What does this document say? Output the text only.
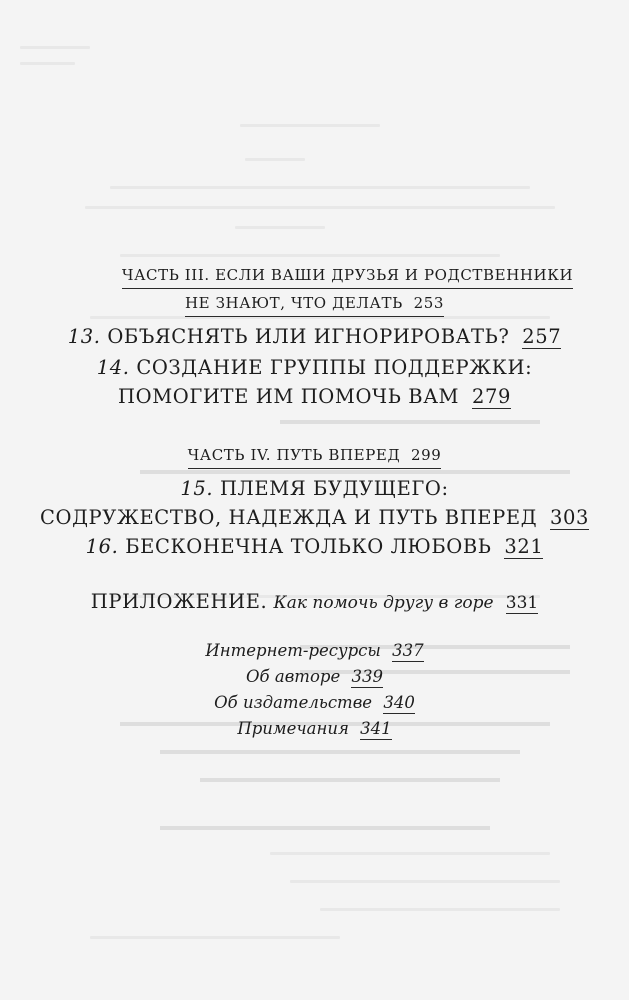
ЧАСТЬ III. ЕСЛИ ВАШИ ДРУЗЬЯ И РОДСТВЕННИКИ
НЕ ЗНАЮТ, ЧТО ДЕЛАТЬ 253
13. ОБЪЯСНЯТЬ ИЛИ ИГНОРИРОВАТЬ? 257
14. СОЗДАНИЕ ГРУППЫ ПОДДЕРЖКИ:
ПОМОГИТЕ ИМ ПОМОЧЬ ВАМ 279
ЧАСТЬ IV. ПУТЬ ВПЕРЕД 299
15. ПЛЕМЯ БУДУЩЕГО:
СОДРУЖЕСТВО, НАДЕЖДА И ПУТЬ ВПЕРЕД 303
16. БЕСКОНЕЧНА ТОЛЬКО ЛЮБОВЬ 321
ПРИЛОЖЕНИЕ. Как помочь другу в горе 331
Интернет-ресурсы 337
Об авторе 339
Об издательстве 340
Примечания 341
